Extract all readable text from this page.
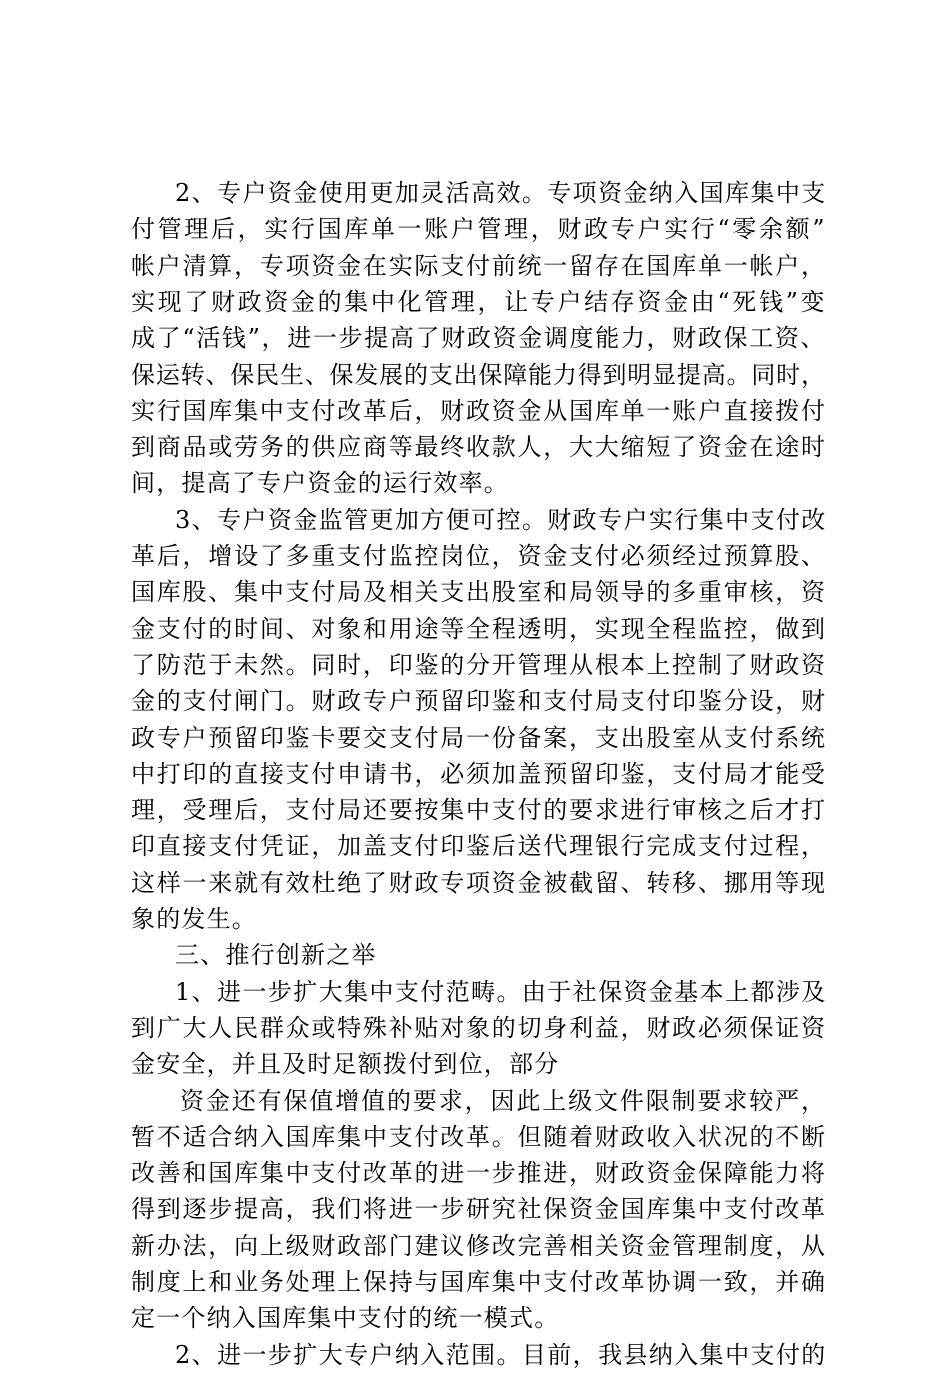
2、专户资金使用更加灵活高效。专项资金纳入国库集中支
付管理后，实行国库单一账户管理，财政专户实行“零余额”
帐户清算，专项资金在实际支付前统一留存在国库单一帐户，
实现了财政资金的集中化管理，让专户结存资金由“死钱”变
成了“活钱”，进一步提高了财政资金调度能力，财政保工资、
保运转、保民生、保发展的支出保障能力得到明显提高。同时，
实行国库集中支付改革后，财政资金从国库单一账户直接拨付
到商品或劳务的供应商等最终收款人，大大缩短了资金在途时
间，提高了专户资金的运行效率。
3、专户资金监管更加方便可控。财政专户实行集中支付改
革后，增设了多重支付监控岗位，资金支付必须经过预算股、
国库股、集中支付局及相关支出股室和局领导的多重审核，资
金支付的时间、对象和用途等全程透明，实现全程监控，做到
了防范于未然。同时，印鉴的分开管理从根本上控制了财政资
金的支付闸门。财政专户预留印鉴和支付局支付印鉴分设，财
政专户预留印鉴卡要交支付局一份备案，支出股室从支付系统
中打印的直接支付申请书，必须加盖预留印鉴，支付局才能受
理，受理后，支付局还要按集中支付的要求进行审核之后才打
印直接支付凭证，加盖支付印鉴后送代理银行完成支付过程，
这样一来就有效杜绝了财政专项资金被截留、转移、挪用等现
象的发生。
三、推行创新之举
1、进一步扩大集中支付范畴。由于社保资金基本上都涉及
到广大人民群众或特殊补贴对象的切身利益，财政必须保证资
金安全，并且及时足额拨付到位，部分
资金还有保值增值的要求，因此上级文件限制要求较严，
暂不适合纳入国库集中支付改革。但随着财政收入状况的不断
改善和国库集中支付改革的进一步推进，财政资金保障能力将
得到逐步提高，我们将进一步研究社保资金国库集中支付改革
新办法，向上级财政部门建议修改完善相关资金管理制度，从
制度上和业务处理上保持与国库集中支付改革协调一致，并确
定一个纳入国库集中支付的统一模式。
2、进一步扩大专户纳入范围。目前，我县纳入集中支付的
